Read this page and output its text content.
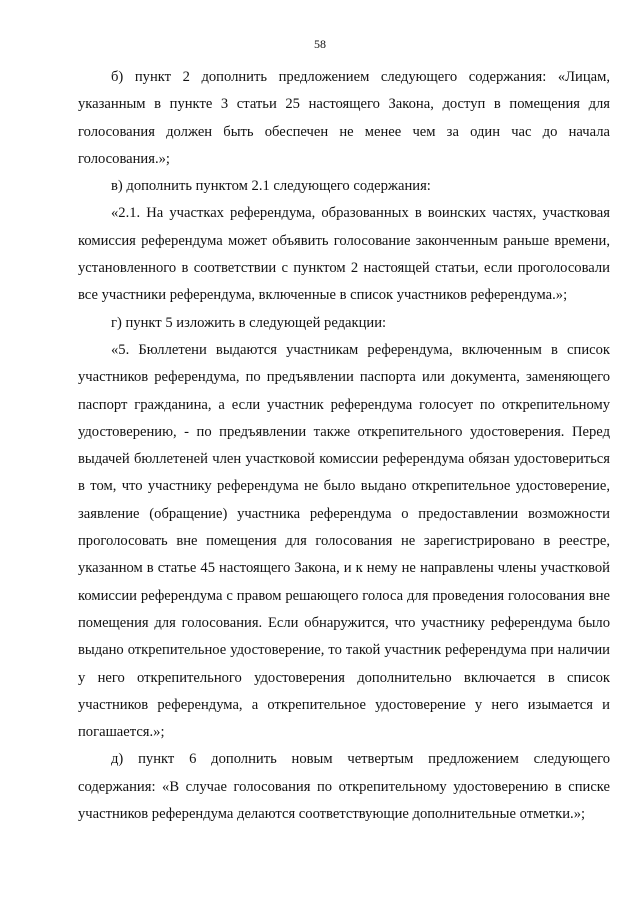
58

б) пункт 2 дополнить предложением следующего содержания: «Лицам, указанным в пункте 3 статьи 25 настоящего Закона, доступ в помещения для голосования должен быть обеспечен не менее чем за один час до начала голосования.»;

в) дополнить пунктом 2.1 следующего содержания:

«2.1. На участках референдума, образованных в воинских частях, участковая комиссия референдума может объявить голосование законченным раньше времени, установленного в соответствии с пунктом 2 настоящей статьи, если проголосовали все участники референдума, включенные в список участников референдума.»;

г) пункт 5 изложить в следующей редакции:

«5. Бюллетени выдаются участникам референдума, включенным в список участников референдума, по предъявлении паспорта или документа, заменяющего паспорт гражданина, а если участник референдума голосует по открепительному удостоверению, - по предъявлении также открепительного удостоверения. Перед выдачей бюллетеней член участковой комиссии референдума обязан удостовериться в том, что участнику референдума не было выдано открепительное удостоверение, заявление (обращение) участника референдума о предоставлении возможности проголосовать вне помещения для голосования не зарегистрировано в реестре, указанном в статье 45 настоящего Закона, и к нему не направлены члены участковой комиссии референдума с правом решающего голоса для проведения голосования вне помещения для голосования. Если обнаружится, что участнику референдума было выдано открепительное удостоверение, то такой участник референдума при наличии у него открепительного удостоверения дополнительно включается в список участников референдума, а открепительное удостоверение у него изымается и погашается.»;

д) пункт 6 дополнить новым четвертым предложением следующего содержания: «В случае голосования по открепительному удостоверению в списке участников референдума делаются соответствующие дополнительные отметки.»;
